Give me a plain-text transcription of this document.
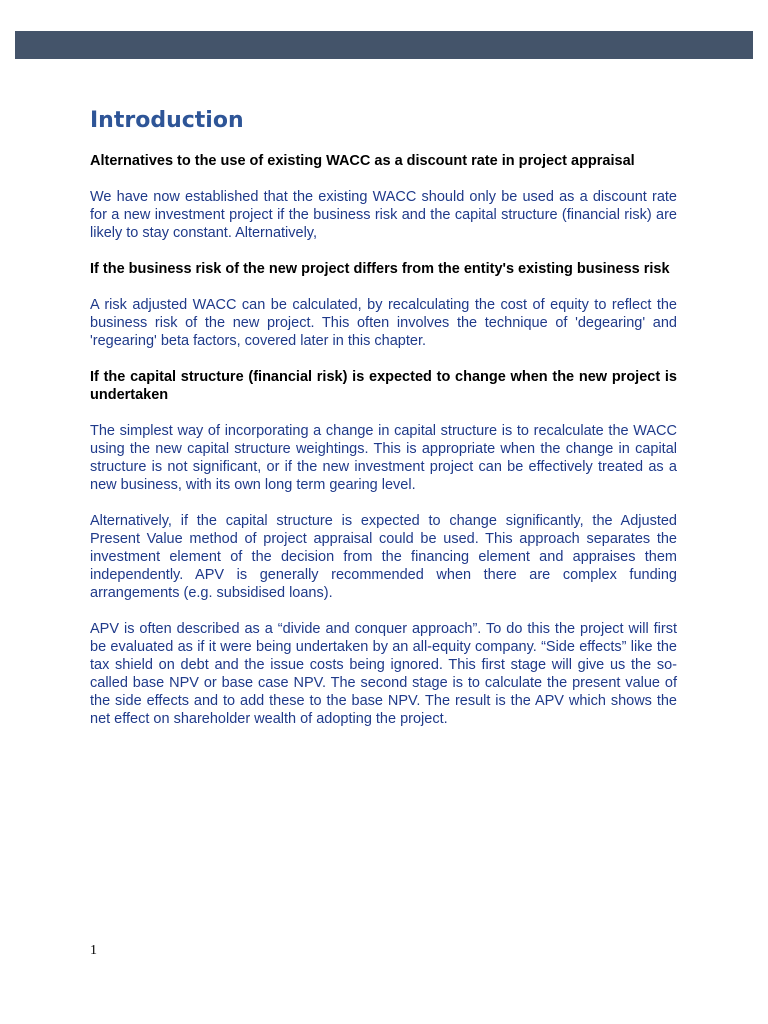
Introduction

Alternatives to the use of existing WACC as a discount rate in project appraisal

We have now established that the existing WACC should only be used as a discount rate for a new investment project if the business risk and the capital structure (financial risk) are likely to stay constant. Alternatively,

If the business risk of the new project differs from the entity's existing business risk

A risk adjusted WACC can be calculated, by recalculating the cost of equity to reflect the business risk of the new project. This often involves the technique of 'degearing' and 'regearing' beta factors, covered later in this chapter.

If the capital structure (financial risk) is expected to change when the new project is undertaken

The simplest way of incorporating a change in capital structure is to recalculate the WACC using the new capital structure weightings. This is appropriate when the change in capital structure is not significant, or if the new investment project can be effectively treated as a new business, with its own long term gearing level.

Alternatively, if the capital structure is expected to change significantly, the Adjusted Present Value method of project appraisal could be used. This approach separates the investment element of the decision from the financing element and appraises them independently. APV is generally recommended when there are complex funding arrangements (e.g. subsidised loans).

APV is often described as a “divide and conquer approach”. To do this the project will first be evaluated as if it were being undertaken by an all-equity company. “Side effects” like the tax shield on debt and the issue costs being ignored. This first stage will give us the so-called base NPV or base case NPV. The second stage is to calculate the present value of the side effects and to add these to the base NPV. The result is the APV which shows the net effect on shareholder wealth of adopting the project.

1
